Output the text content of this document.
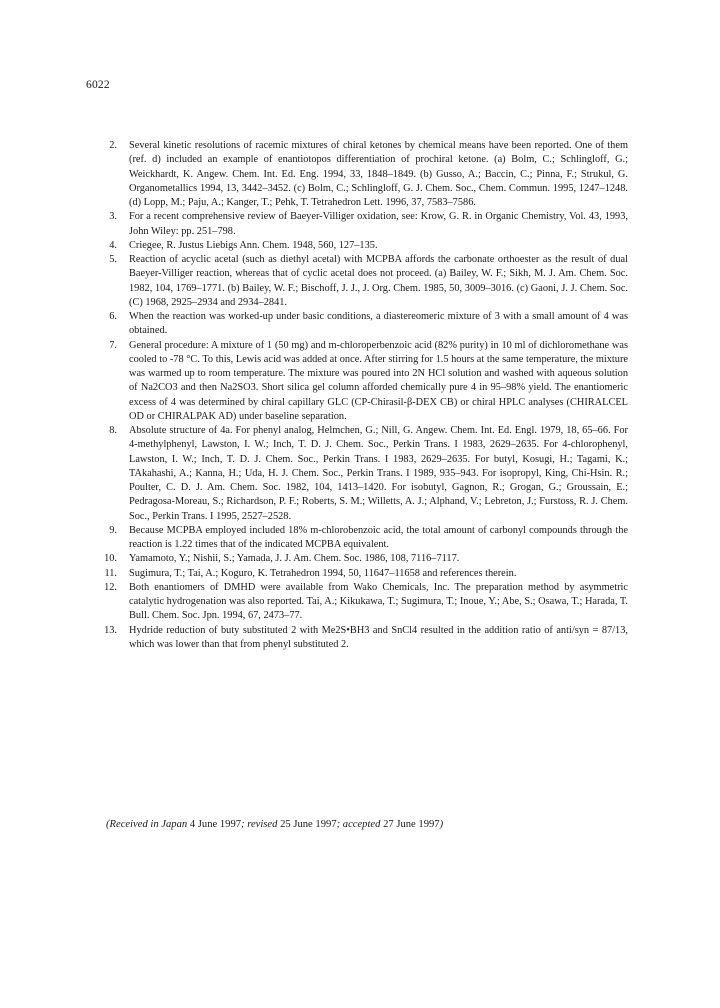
6022
2. Several kinetic resolutions of racemic mixtures of chiral ketones by chemical means have been reported. One of them (ref. d) included an example of enantiotopos differentiation of prochiral ketone. (a) Bolm, C.; Schlingloff, G.; Weickhardt, K. Angew. Chem. Int. Ed. Eng. 1994, 33, 1848–1849. (b) Gusso, A.; Baccin, C.; Pinna, F.; Strukul, G. Organometallics 1994, 13, 3442–3452. (c) Bolm, C.; Schlingloff, G. J. Chem. Soc., Chem. Commun. 1995, 1247–1248. (d) Lopp, M.; Paju, A.; Kanger, T.; Pehk, T. Tetrahedron Lett. 1996, 37, 7583–7586.
3. For a recent comprehensive review of Baeyer-Villiger oxidation, see: Krow, G. R. in Organic Chemistry, Vol. 43, 1993, John Wiley: pp. 251–798.
4. Criegee, R. Justus Liebigs Ann. Chem. 1948, 560, 127–135.
5. Reaction of acyclic acetal (such as diethyl acetal) with MCPBA affords the carbonate orthoester as the result of dual Baeyer-Villiger reaction, whereas that of cyclic acetal does not proceed. (a) Bailey, W. F.; Sikh, M. J. Am. Chem. Soc. 1982, 104, 1769–1771. (b) Bailey, W. F.; Bischoff, J. J., J. Org. Chem. 1985, 50, 3009–3016. (c) Gaoni, J. J. Chem. Soc. (C) 1968, 2925–2934 and 2934–2841.
6. When the reaction was worked-up under basic conditions, a diastereomeric mixture of 3 with a small amount of 4 was obtained.
7. General procedure: A mixture of 1 (50 mg) and m-chloroperbenzoic acid (82% purity) in 10 ml of dichloromethane was cooled to -78 °C. To this, Lewis acid was added at once. After stirring for 1.5 hours at the same temperature, the mixture was warmed up to room temperature. The mixture was poured into 2N HCl solution and washed with aqueous solution of Na2CO3 and then Na2SO3. Short silica gel column afforded chemically pure 4 in 95–98% yield. The enantiomeric excess of 4 was determined by chiral capillary GLC (CP-Chirasil-β-DEX CB) or chiral HPLC analyses (CHIRALCEL OD or CHIRALPAK AD) under baseline separation.
8. Absolute structure of 4a. For phenyl analog, Helmchen, G.; Nill, G. Angew. Chem. Int. Ed. Engl. 1979, 18, 65–66. For 4-methylphenyl, Lawston, I. W.; Inch, T. D. J. Chem. Soc., Perkin Trans. I 1983, 2629–2635. For 4-chlorophenyl, Lawston, I. W.; Inch, T. D. J. Chem. Soc., Perkin Trans. I 1983, 2629–2635. For butyl, Kosugi, H.; Tagami, K.; TAkahashi, A.; Kanna, H.; Uda, H. J. Chem. Soc., Perkin Trans. I 1989, 935–943. For isopropyl, King, Chi-Hsin. R.; Poulter, C. D. J. Am. Chem. Soc. 1982, 104, 1413–1420. For isobutyl, Gagnon, R.; Grogan, G.; Groussain, E.; Pedragosa-Moreau, S.; Richardson, P. F.; Roberts, S. M.; Willetts, A. J.; Alphand, V.; Lebreton, J.; Furstoss, R. J. Chem. Soc., Perkin Trans. I 1995, 2527–2528.
9. Because MCPBA employed included 18% m-chlorobenzoic acid, the total amount of carbonyl compounds through the reaction is 1.22 times that of the indicated MCPBA equivalent.
10. Yamamoto, Y.; Nishii, S.; Yamada, J. J. Am. Chem. Soc. 1986, 108, 7116–7117.
11. Sugimura, T.; Tai, A.; Koguro, K. Tetrahedron 1994, 50, 11647–11658 and references therein.
12. Both enantiomers of DMHD were available from Wako Chemicals, Inc. The preparation method by asymmetric catalytic hydrogenation was also reported. Tai, A.; Kikukawa, T.; Sugimura, T.; Inoue, Y.; Abe, S.; Osawa, T.; Harada, T. Bull. Chem. Soc. Jpn. 1994, 67, 2473–77.
13. Hydride reduction of buty substituted 2 with Me2S•BH3 and SnCl4 resulted in the addition ratio of anti/syn = 87/13, which was lower than that from phenyl substituted 2.
(Received in Japan 4 June 1997; revised 25 June 1997; accepted 27 June 1997)
